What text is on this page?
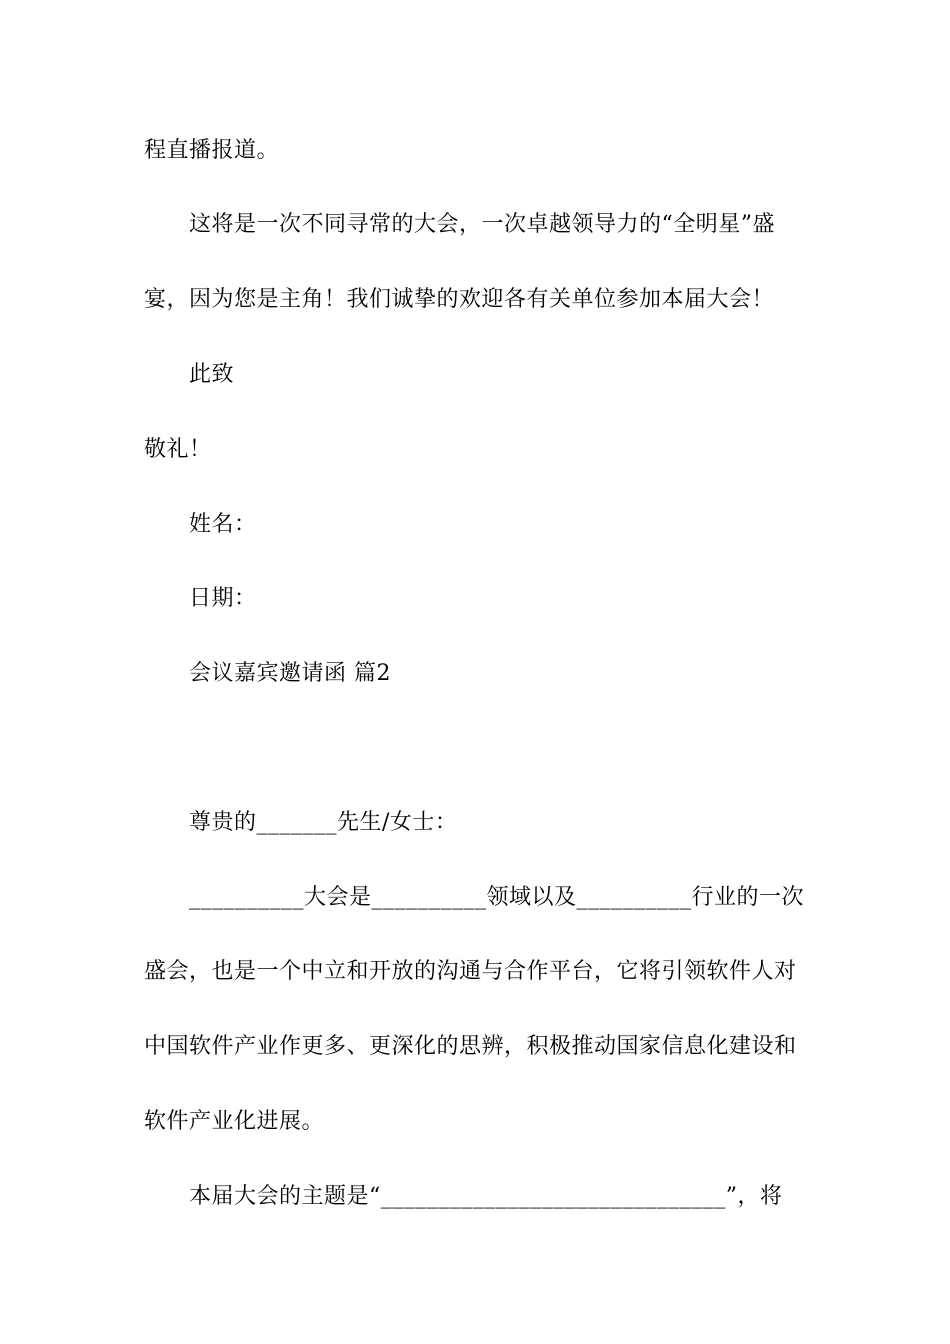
程直播报道。
这将是一次不同寻常的大会，一次卓越领导力的“全明星”盛
宴，因为您是主角！我们诚挚的欢迎各有关单位参加本届大会！
此致
敬礼！
姓名：
日期：
会议嘉宾邀请函 篇2
尊贵的_______先生/女士：
__________大会是__________领域以及__________行业的一次
盛会，也是一个中立和开放的沟通与合作平台，它将引领软件人对
中国软件产业作更多、更深化的思辨，积极推动国家信息化建设和
软件产业化进展。
本届大会的主题是“______________________________”，将
